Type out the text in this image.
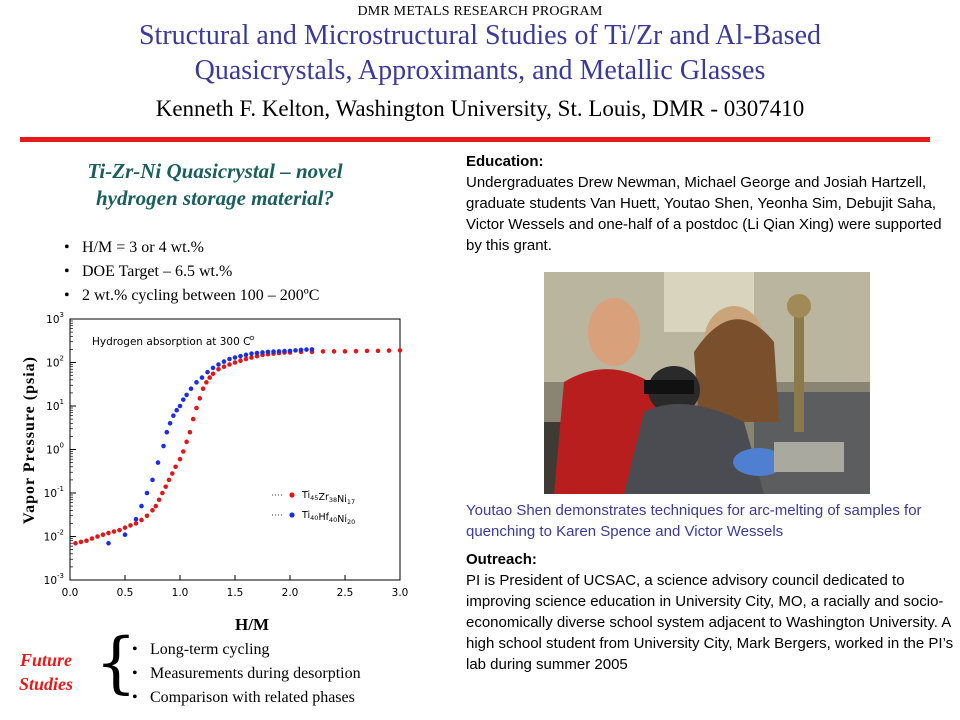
DMR METALS RESEARCH PROGRAM
Structural and Microstructural Studies of Ti/Zr and Al-Based
Quasicrystals, Approximants, and Metallic Glasses
Kenneth F. Kelton, Washington University, St. Louis, DMR - 0307410
Ti-Zr-Ni Quasicrystal – novel
hydrogen storage material?
• H/M = 3 or 4 wt.%
• DOE Target – 6.5 wt.%
• 2 wt.% cycling between 100 – 200ºC
Vapor Pressure (psia)
0.0	0.5	1.0	1.5	2.0	2.5	3.0
$10^{-3}$
$10^{-2}$
$10^{-1}$
$10^0$
$10^1$
$10^2$
$10^3$
Hydrogen absorption at 300 C
$Ti_{45}Zr_{38}Ni_{17}$
$Ti_{40}Hf_{40}Ni_{20}$
H/M
Future
Studies {
• Long-term cycling
• Measurements during desorption
• Comparison with related phases
Education:
Undergraduates Drew Newman, Michael George and Josiah Hartzell, graduate students Van Huett, Youtao Shen, Yeonha Sim, Debujit Saha, Victor Wessels and one-half of a postdoc (Li Qian Xing) were supported by this grant.
Youtao Shen demonstrates techniques for arc-melting of samples for quenching to Karen Spence and Victor Wessels
Outreach:
PI is President of UCSAC, a science advisory council dedicated to improving science education in University City, MO, a racially and socio-economically diverse school system adjacent to Washington University. A high school student from University City, Mark Bergers, worked in the PI’s lab during summer 2005
